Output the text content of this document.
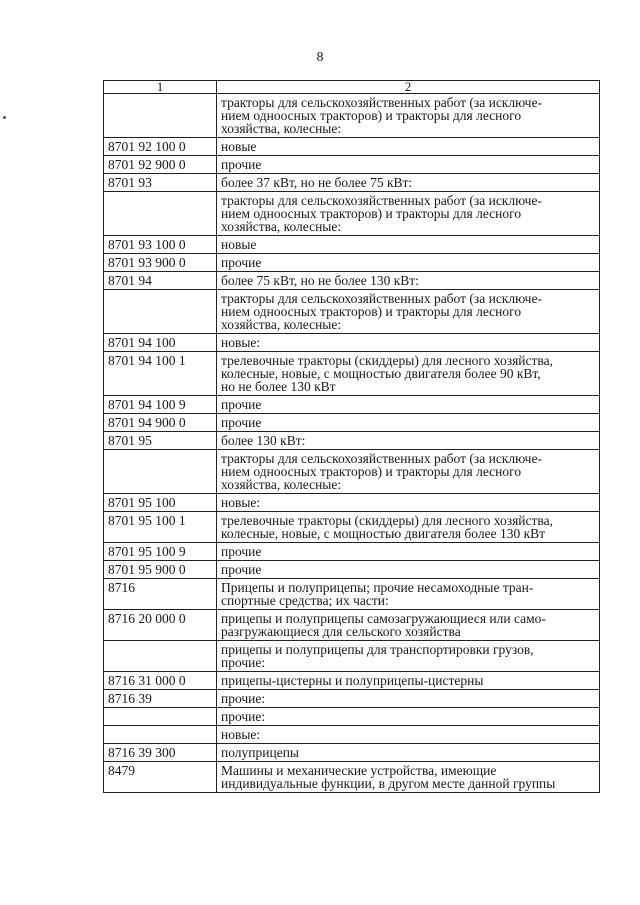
8
1	2
	тракторы для сельскохозяйственных работ (за исключе-
нием одноосных тракторов) и тракторы для лесного
хозяйства, колесные:
8701 92 100 0	новые
8701 92 900 0	прочие
8701 93	более 37 кВт, но не более 75 кВт:
	тракторы для сельскохозяйственных работ (за исключе-
нием одноосных тракторов) и тракторы для лесного
хозяйства, колесные:
8701 93 100 0	новые
8701 93 900 0	прочие
8701 94	более 75 кВт, но не более 130 кВт:
	тракторы для сельскохозяйственных работ (за исключе-
нием одноосных тракторов) и тракторы для лесного
хозяйства, колесные:
8701 94 100	новые:
8701 94 100 1	трелевочные тракторы (скиддеры) для лесного хозяйства,
колесные, новые, с мощностью двигателя более 90 кВт,
но не более 130 кВт
8701 94 100 9	прочие
8701 94 900 0	прочие
8701 95	более 130 кВт:
	тракторы для сельскохозяйственных работ (за исключе-
нием одноосных тракторов) и тракторы для лесного
хозяйства, колесные:
8701 95 100	новые:
8701 95 100 1	трелевочные тракторы (скиддеры) для лесного хозяйства,
колесные, новые, с мощностью двигателя более 130 кВт
8701 95 100 9	прочие
8701 95 900 0	прочие
8716	Прицепы и полуприцепы; прочие несамоходные тран-
спортные средства; их части:
8716 20 000 0	прицепы и полуприцепы самозагружающиеся или само-
разгружающиеся для сельского хозяйства
	прицепы и полуприцепы для транспортировки грузов,
прочие:
8716 31 000 0	прицепы-цистерны и полуприцепы-цистерны
8716 39	прочие:
	прочие:
	новые:
8716 39 300	полуприцепы
8479	Машины и механические устройства, имеющие
индивидуальные функции, в другом месте данной группы
